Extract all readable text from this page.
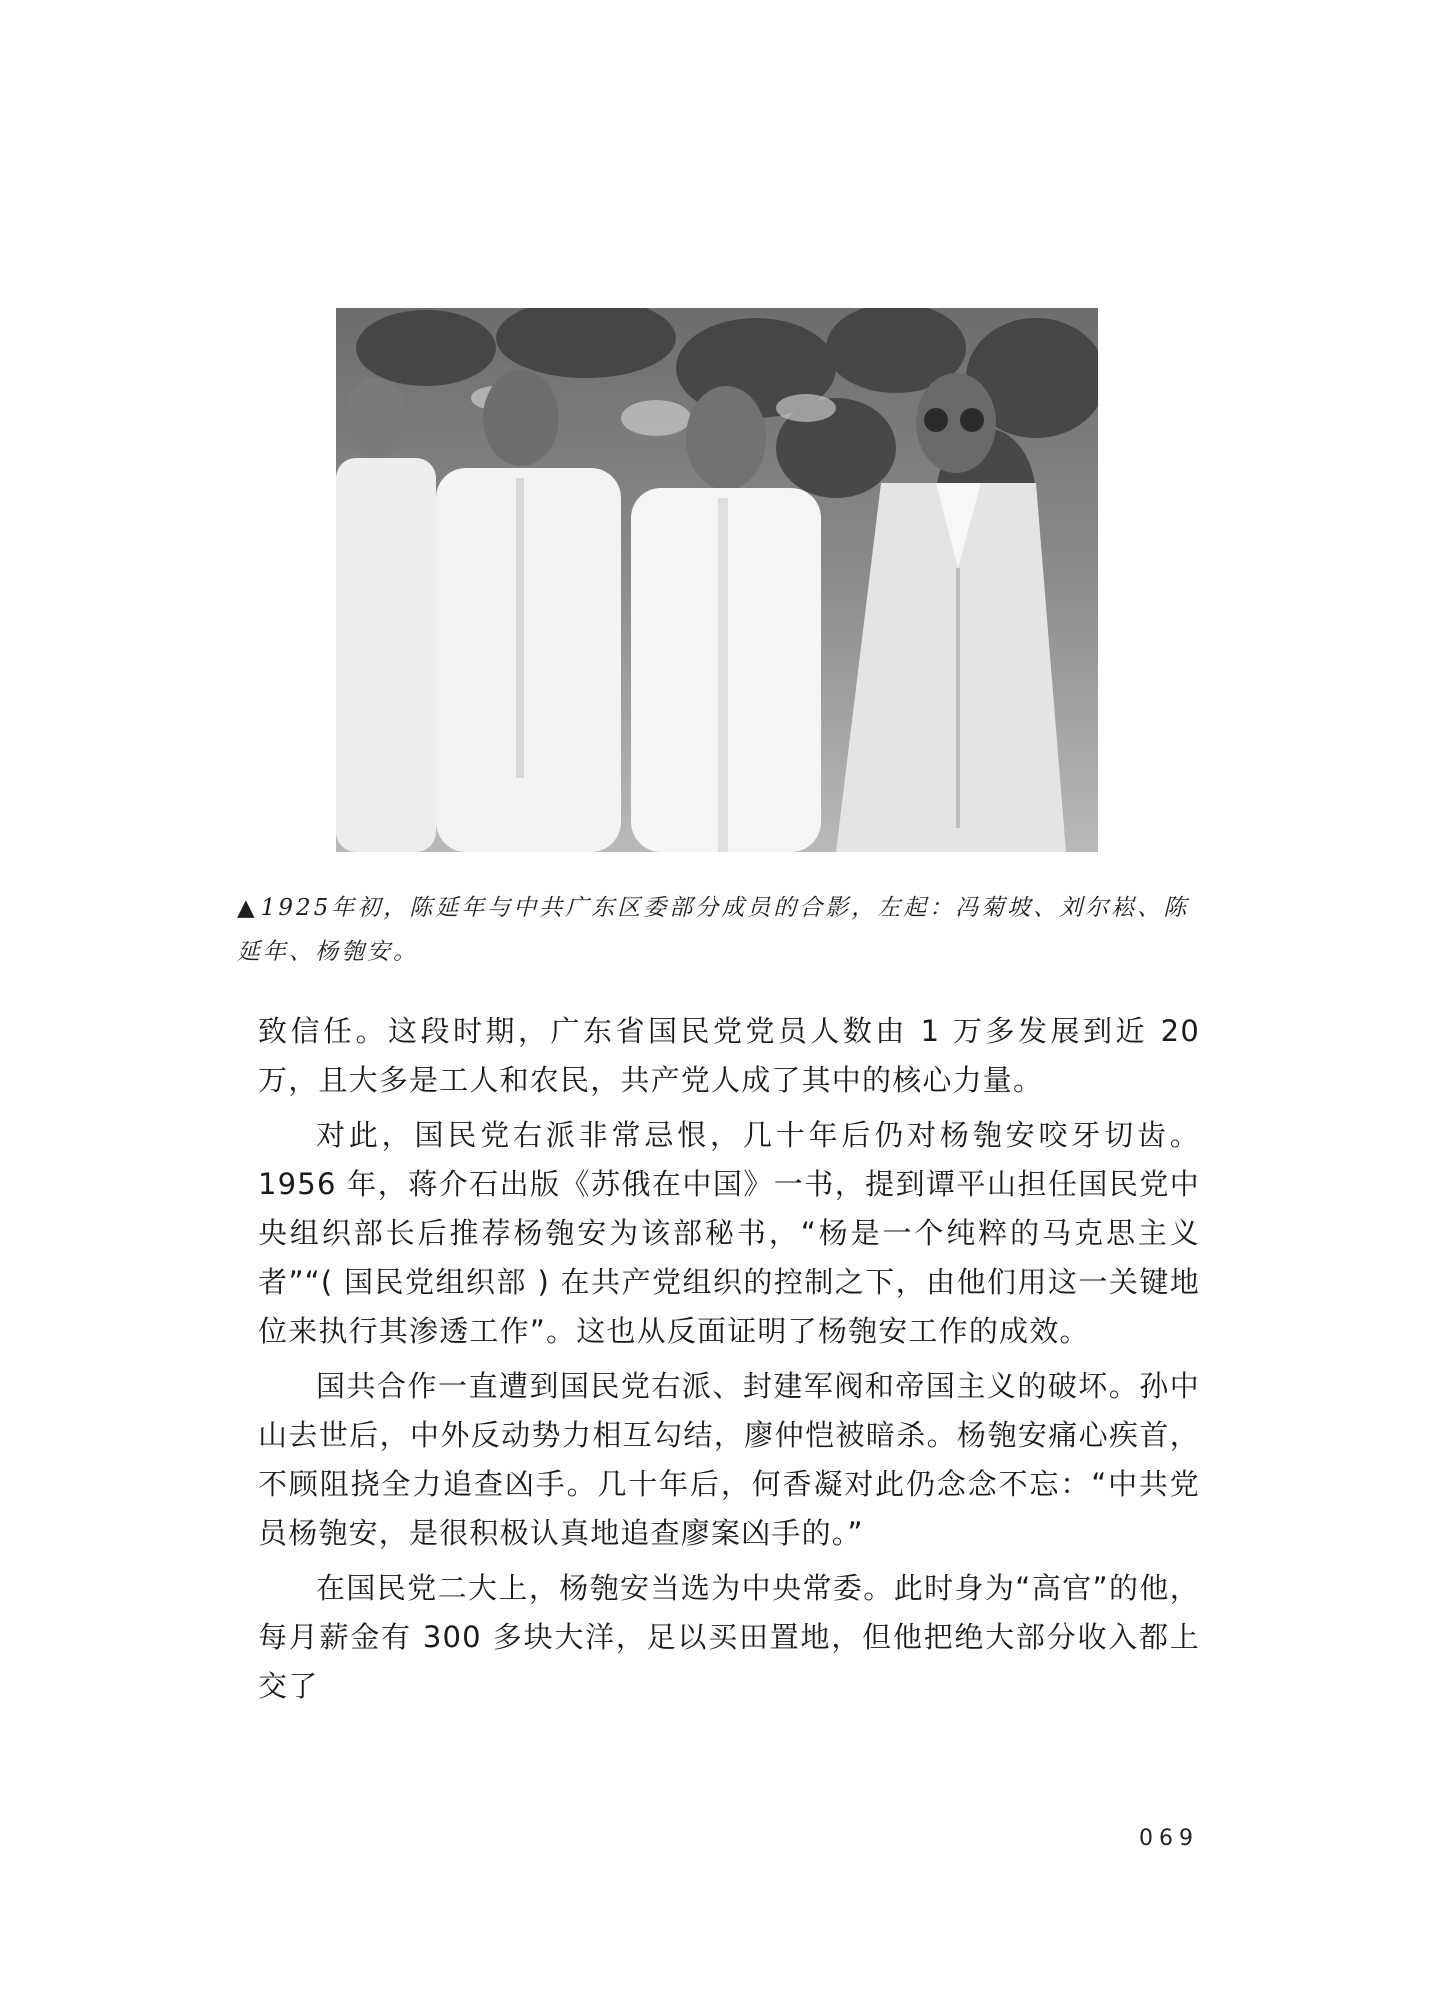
▲ 1925年初，陈延年与中共广东区委部分成员的合影，左起：冯菊坡、刘尔崧、陈延年、杨匏安。

致信任。这段时期，广东省国民党党员人数由 1 万多发展到近 20 万，且大多是工人和农民，共产党人成了其中的核心力量。

对此，国民党右派非常忌恨，几十年后仍对杨匏安咬牙切齿。1956 年，蒋介石出版《苏俄在中国》一书，提到谭平山担任国民党中央组织部长后推荐杨匏安为该部秘书，“杨是一个纯粹的马克思主义者”“( 国民党组织部 ) 在共产党组织的控制之下，由他们用这一关键地位来执行其渗透工作”。这也从反面证明了杨匏安工作的成效。

国共合作一直遭到国民党右派、封建军阀和帝国主义的破坏。孙中山去世后，中外反动势力相互勾结，廖仲恺被暗杀。杨匏安痛心疾首，不顾阻挠全力追查凶手。几十年后，何香凝对此仍念念不忘：“中共党员杨匏安，是很积极认真地追查廖案凶手的。”

在国民党二大上，杨匏安当选为中央常委。此时身为“高官”的他，每月薪金有 300 多块大洋，足以买田置地，但他把绝大部分收入都上交了

069
